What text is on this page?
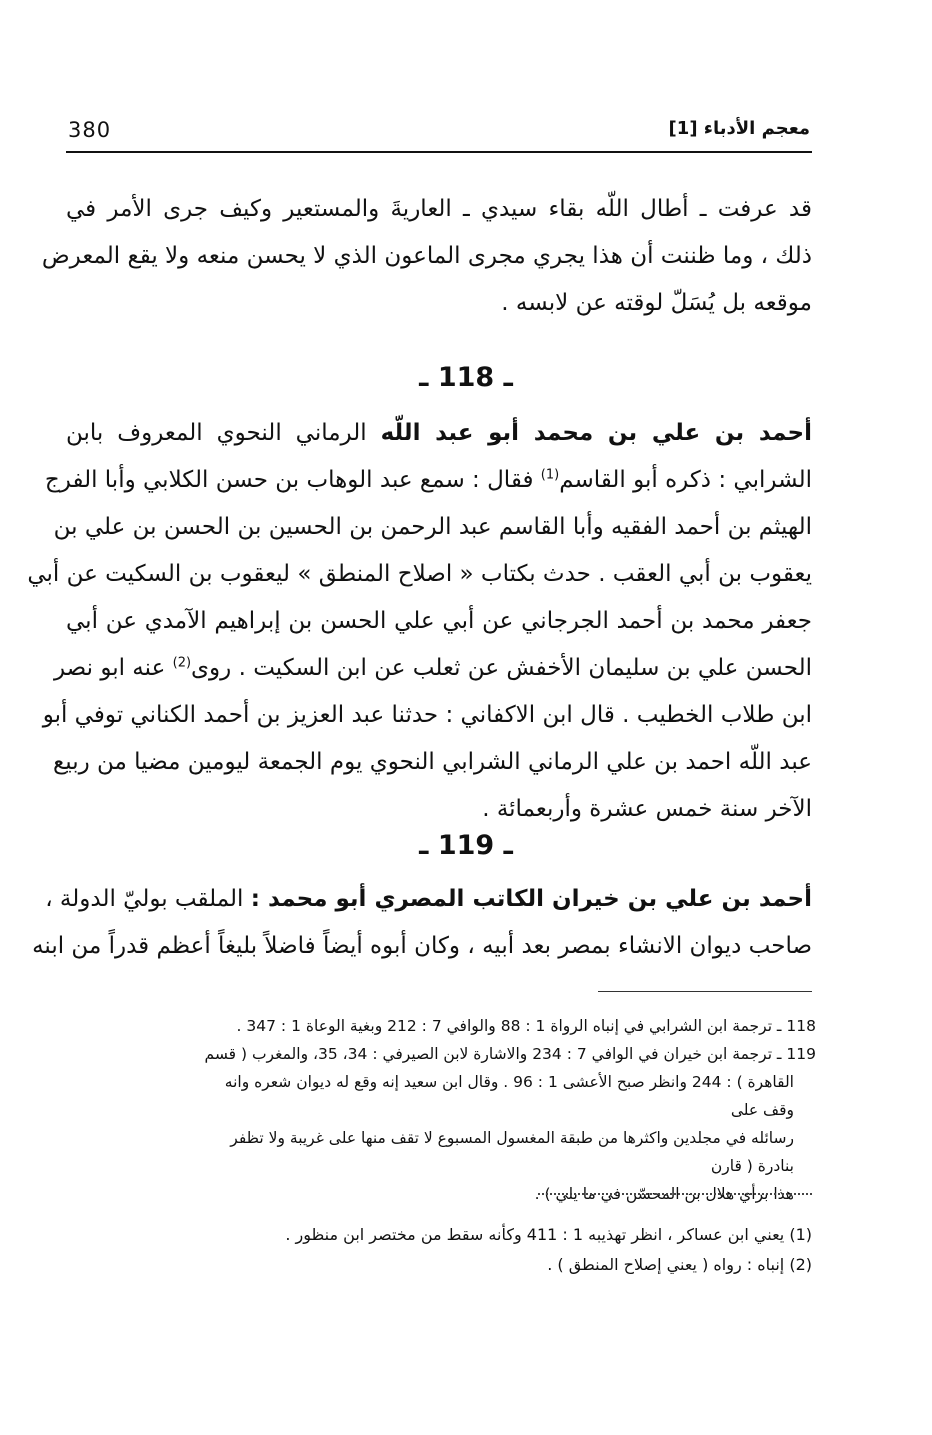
380	معجم الأدباء [1]
قد عرفت ـ أطال اللّه بقاء سيدي ـ العاريةَ والمستعير وكيف جرى الأمر في
ذلك ، وما ظننت أن هذا يجري مجرى الماعون الذي لا يحسن منعه ولا يقع المعرض
موقعه بل يُسَلّ لوقته عن لابسه .
ـ 118 ـ
أحمد بن علي بن محمد أبو عبد اللّه الرماني النحوي المعروف بابن
الشرابي : ذكره أبو القاسم$^{(1)}$ فقال : سمع عبد الوهاب بن حسن الكلابي وأبا الفرج
الهيثم بن أحمد الفقيه وأبا القاسم عبد الرحمن بن الحسين بن الحسن بن علي بن
يعقوب بن أبي العقب . حدث بكتاب « اصلاح المنطق » ليعقوب بن السكيت عن أبي
جعفر محمد بن أحمد الجرجاني عن أبي علي الحسن بن إبراهيم الآمدي عن أبي
الحسن علي بن سليمان الأخفش عن ثعلب عن ابن السكيت . روى$^{(2)}$ عنه ابو نصر
ابن طلاب الخطيب . قال ابن الاكفاني : حدثنا عبد العزيز بن أحمد الكناني توفي أبو
عبد اللّه احمد بن علي الرماني الشرابي النحوي يوم الجمعة ليومين مضيا من ربيع
الآخر سنة خمس عشرة وأربعمائة .
ـ 119 ـ
أحمد بن علي بن خيران الكاتب المصري أبو محمد : الملقب بوليّ الدولة ،
صاحب ديوان الانشاء بمصر بعد أبيه ، وكان أبوه أيضاً فاضلاً بليغاً أعظم قدراً من ابنه

118 ـ ترجمة ابن الشرابي في إنباه الرواة 1 : 88 والوافي 7 : 212 وبغية الوعاة 1 : 347 .

119 ـ ترجمة ابن خيران في الوافي 7 : 234 والاشارة لابن الصيرفي : 34، 35، والمغرب ( قسم

القاهرة ) : 244 وانظر صبح الأعشى 1 : 96 . وقال ابن سعيد إنه وقع له ديوان شعره وانه وقف على

رسائله في مجلدين واكثرها من طبقة المغسول المسبوع لا تقف منها على غريبة ولا تظفر بنادرة ( قارن

هذا برأي هلال بن المحسّن في ما يلي ) .

(1) يعني ابن عساكر ، انظر تهذيبه 1 : 411 وكأنه سقط من مختصر ابن منظور .

(2) إنباه : رواه ( يعني إصلاح المنطق ) .
